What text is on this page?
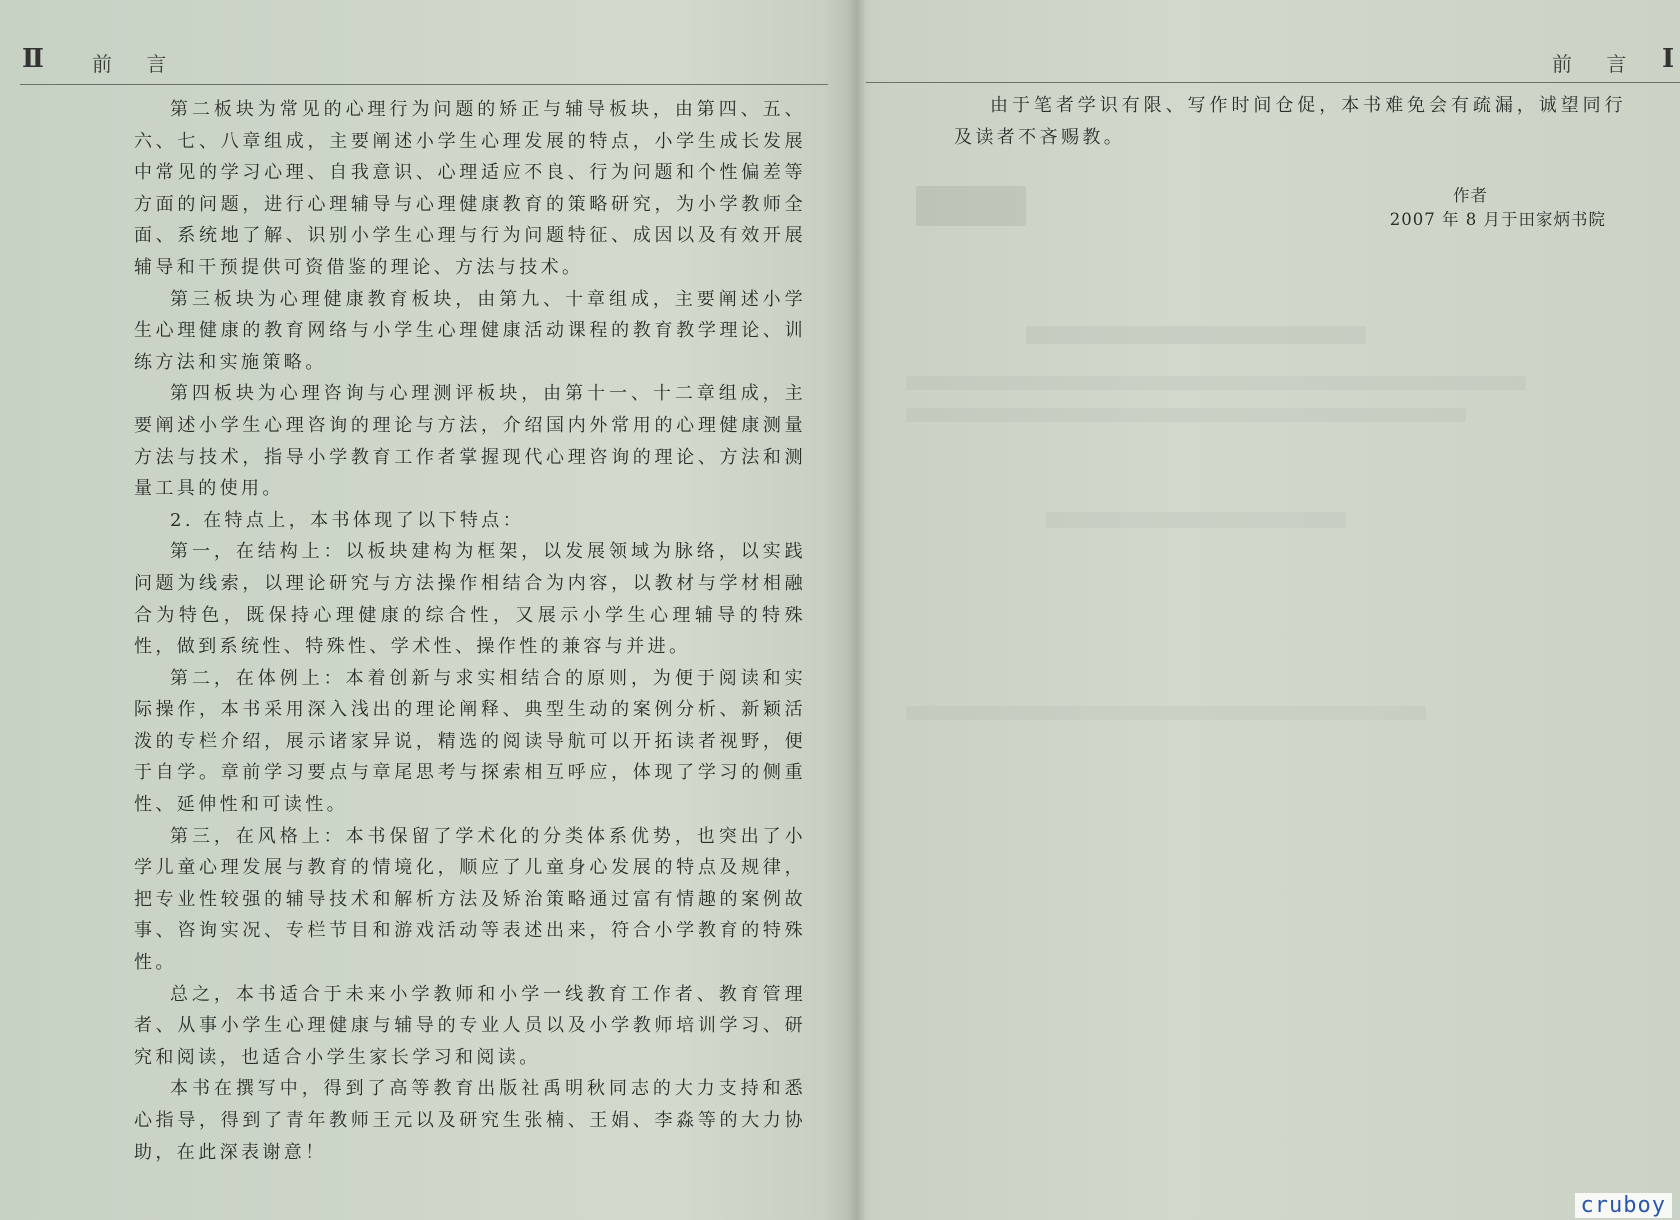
Ⅱ 前 言

第二板块为常见的心理行为问题的矫正与辅导板块，由第四、五、六、七、八章组成，主要阐述小学生心理发展的特点，小学生成长发展中常见的学习心理、自我意识、心理适应不良、行为问题和个性偏差等方面的问题，进行心理辅导与心理健康教育的策略研究，为小学教师全面、系统地了解、识别小学生心理与行为问题特征、成因以及有效开展辅导和干预提供可资借鉴的理论、方法与技术。

第三板块为心理健康教育板块，由第九、十章组成，主要阐述小学生心理健康的教育网络与小学生心理健康活动课程的教育教学理论、训练方法和实施策略。

第四板块为心理咨询与心理测评板块，由第十一、十二章组成，主要阐述小学生心理咨询的理论与方法，介绍国内外常用的心理健康测量方法与技术，指导小学教育工作者掌握现代心理咨询的理论、方法和测量工具的使用。

2. 在特点上，本书体现了以下特点：

第一，在结构上：以板块建构为框架，以发展领域为脉络，以实践问题为线索，以理论研究与方法操作相结合为内容，以教材与学材相融合为特色，既保持心理健康的综合性，又展示小学生心理辅导的特殊性，做到系统性、特殊性、学术性、操作性的兼容与并进。

第二，在体例上：本着创新与求实相结合的原则，为便于阅读和实际操作，本书采用深入浅出的理论阐释、典型生动的案例分析、新颖活泼的专栏介绍，展示诸家异说，精选的阅读导航可以开拓读者视野，便于自学。章前学习要点与章尾思考与探索相互呼应，体现了学习的侧重性、延伸性和可读性。

第三，在风格上：本书保留了学术化的分类体系优势，也突出了小学儿童心理发展与教育的情境化，顺应了儿童身心发展的特点及规律，把专业性较强的辅导技术和解析方法及矫治策略通过富有情趣的案例故事、咨询实况、专栏节目和游戏活动等表述出来，符合小学教育的特殊性。

总之，本书适合于未来小学教师和小学一线教育工作者、教育管理者、从事小学生心理健康与辅导的专业人员以及小学教师培训学习、研究和阅读，也适合小学生家长学习和阅读。

本书在撰写中，得到了高等教育出版社禹明秋同志的大力支持和悉心指导，得到了青年教师王元以及研究生张楠、王娟、李淼等的大力协助，在此深表谢意！

前 言 Ⅰ

由于笔者学识有限、写作时间仓促，本书难免会有疏漏，诚望同行及读者不吝赐教。

作者
2007 年 8 月于田家炳书院
cruboy
